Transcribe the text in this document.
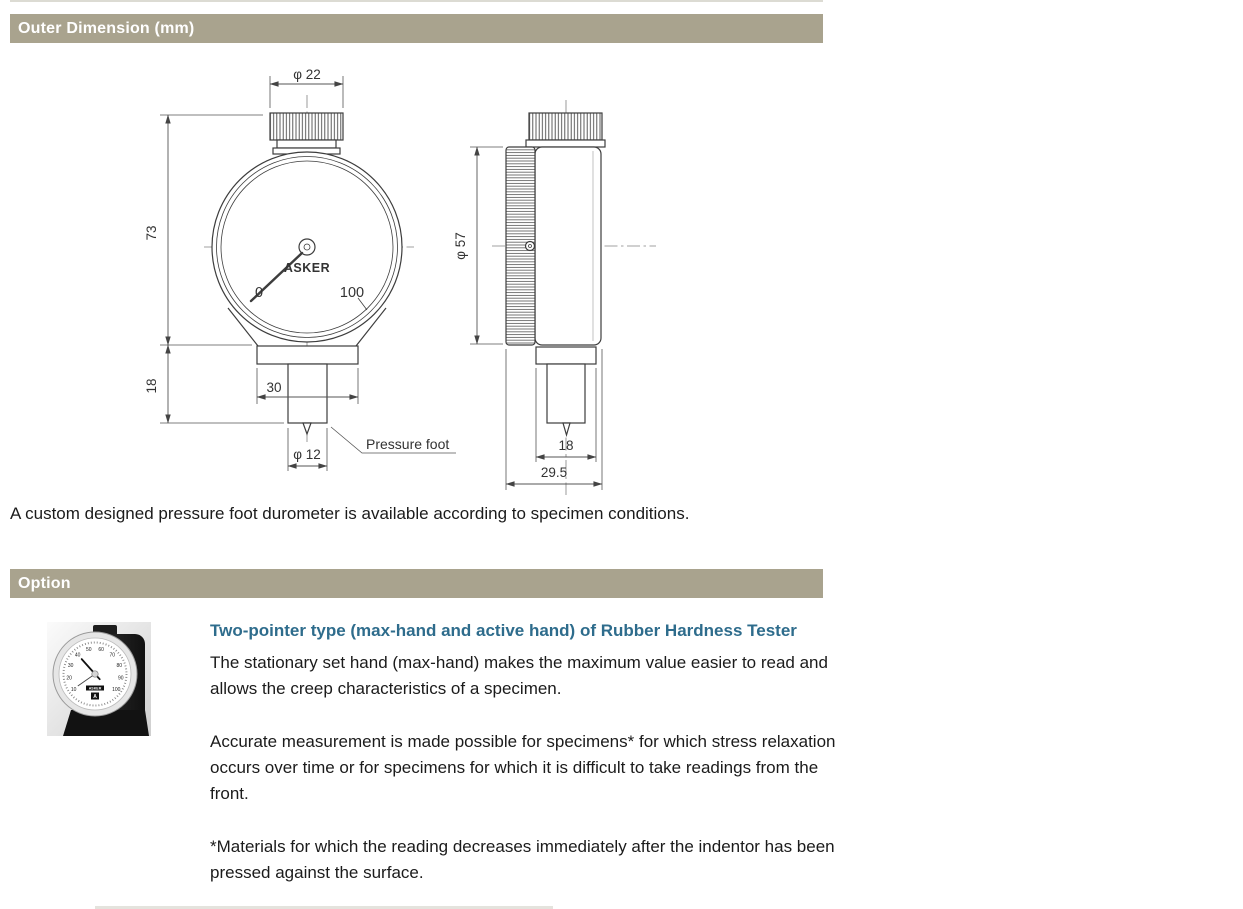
Outer Dimension (mm)
ASKER
0	100
φ 22
73
18	30
φ 12
Pressure foot
φ 57
18
29.5
A custom designed pressure foot durometer is available according to specimen conditions.
Option
10
20
30
40
50 60
70
80
90
100
ASKER
A
Two-pointer type (max-hand and active hand) of Rubber Hardness Tester

The stationary set hand (max-hand) makes the maximum value easier to read and allows the creep characteristics of a specimen.

Accurate measurement is made possible for specimens* for which stress relaxation occurs over time or for specimens for which it is difficult to take readings from the front.

*Materials for which the reading decreases immediately after the indentor has been pressed against the surface.
